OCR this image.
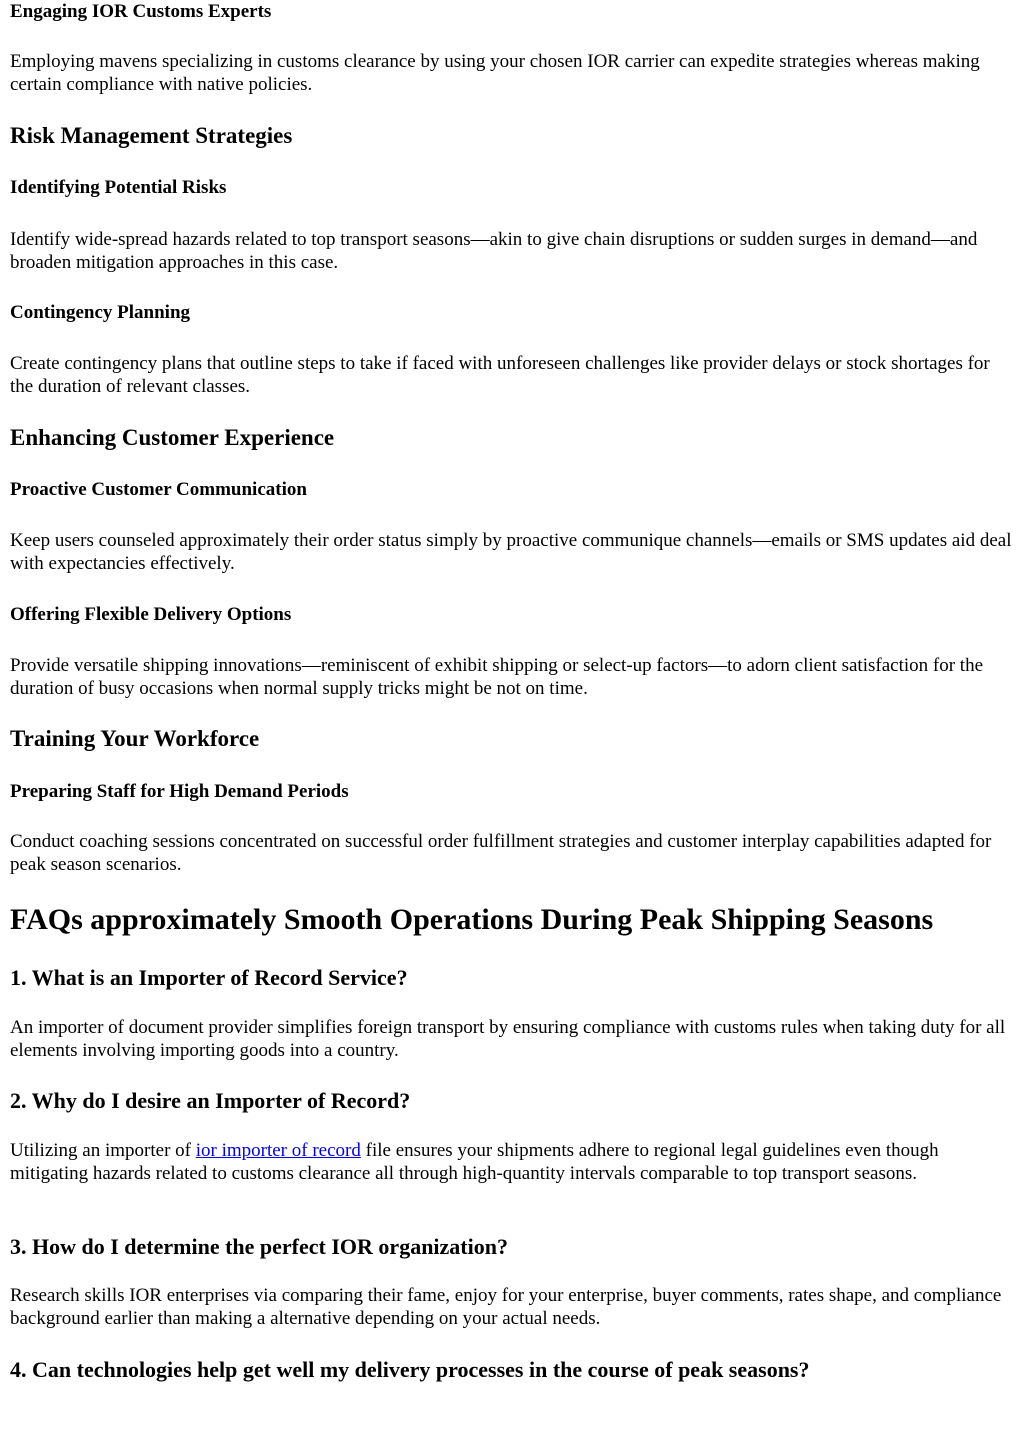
Engaging IOR Customs Experts

Employing mavens specializing in customs clearance by using your chosen IOR carrier can expedite strategies whereas making certain compliance with native policies.

Risk Management Strategies
Identifying Potential Risks

Identify wide-spread hazards related to top transport seasons—akin to give chain disruptions or sudden surges in demand—and broaden mitigation approaches in this case.

Contingency Planning

Create contingency plans that outline steps to take if faced with unforeseen challenges like provider delays or stock shortages for the duration of relevant classes.

Enhancing Customer Experience
Proactive Customer Communication

Keep users counseled approximately their order status simply by proactive communique channels—emails or SMS updates aid deal with expectancies effectively.

Offering Flexible Delivery Options

Provide versatile shipping innovations—reminiscent of exhibit shipping or select-up factors—to adorn client satisfaction for the duration of busy occasions when normal supply tricks might be not on time.

Training Your Workforce
Preparing Staff for High Demand Periods

Conduct coaching sessions concentrated on successful order fulfillment strategies and customer interplay capabilities adapted for peak season scenarios.

FAQs approximately Smooth Operations During Peak Shipping Seasons
1. What is an Importer of Record Service?

An importer of document provider simplifies foreign transport by ensuring compliance with customs rules when taking duty for all elements involving importing goods into a country.

2. Why do I desire an Importer of Record?

Utilizing an importer of ior importer of record file ensures your shipments adhere to regional legal guidelines even though mitigating hazards related to customs clearance all through high-quantity intervals comparable to top transport seasons.

3. How do I determine the perfect IOR organization?

Research skills IOR enterprises via comparing their fame, enjoy for your enterprise, buyer comments, rates shape, and compliance background earlier than making a alternative depending on your actual needs.

4. Can technologies help get well my delivery processes in the course of peak seasons?
